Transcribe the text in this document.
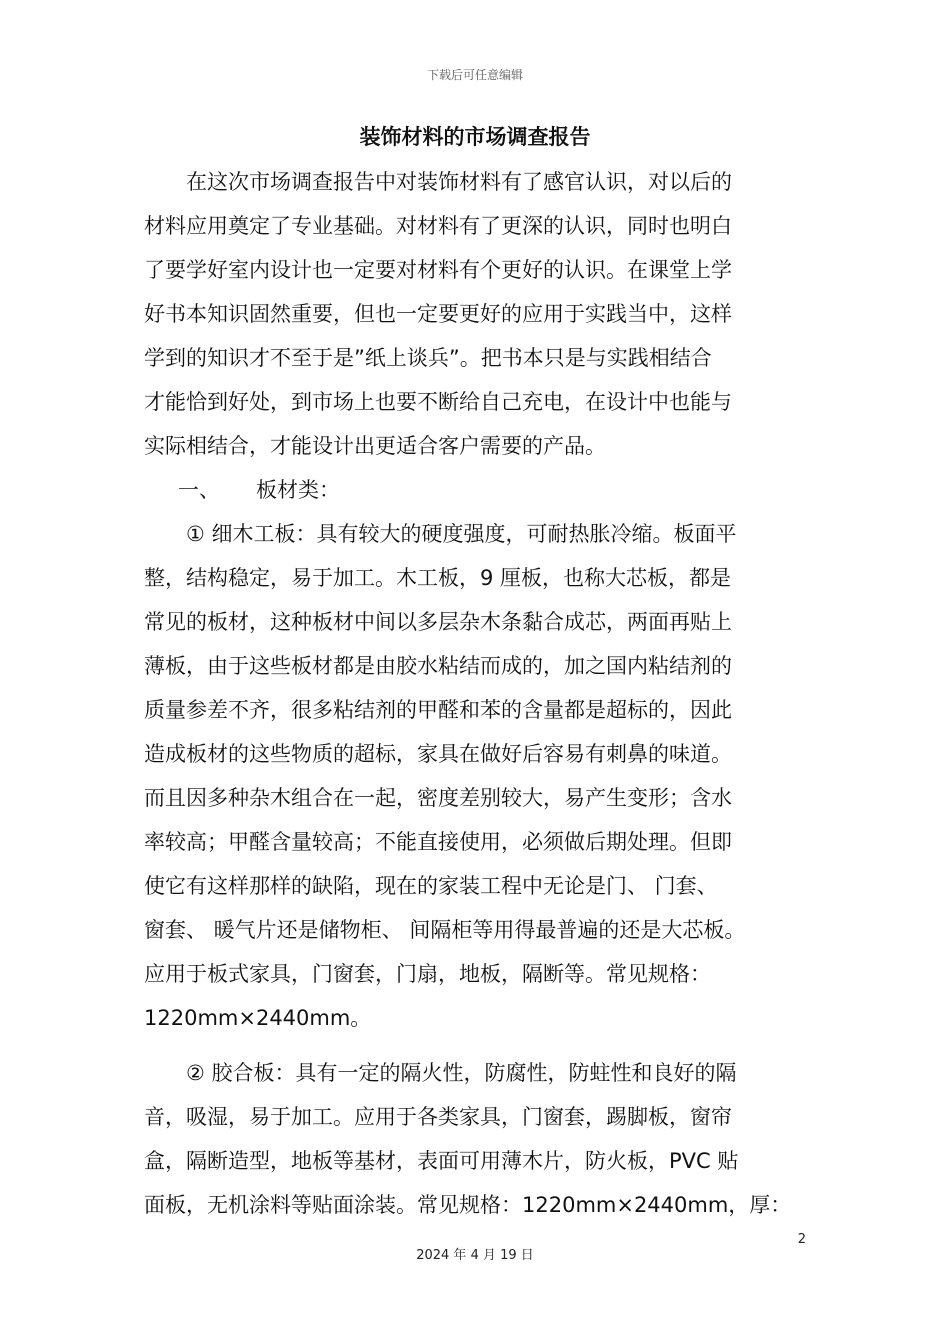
下载后可任意编辑
装饰材料的市场调查报告
　　在这次市场调查报告中对装饰材料有了感官认识，对以后的
材料应用奠定了专业基础。对材料有了更深的认识，同时也明白
了要学好室内设计也一定要对材料有个更好的认识。在课堂上学
好书本知识固然重要，但也一定要更好的应用于实践当中，这样
学到的知识才不至于是”纸上谈兵”。把书本只是与实践相结合
才能恰到好处，到市场上也要不断给自己充电，在设计中也能与
实际相结合，才能设计出更适合客户需要的产品。
一、 板材类：
　　① 细木工板：具有较大的硬度强度，可耐热胀冷缩。板面平
整，结构稳定，易于加工。木工板，9 厘板，也称大芯板，都是
常见的板材，这种板材中间以多层杂木条黏合成芯，两面再贴上
薄板，由于这些板材都是由胶水粘结而成的，加之国内粘结剂的
质量参差不齐，很多粘结剂的甲醛和苯的含量都是超标的，因此
造成板材的这些物质的超标，家具在做好后容易有刺鼻的味道。
而且因多种杂木组合在一起，密度差别较大，易产生变形；含水
率较高；甲醛含量较高；不能直接使用，必须做后期处理。但即
使它有这样那样的缺陷，现在的家装工程中无论是门、 门套、
窗套、 暖气片还是储物柜、 间隔柜等用得最普遍的还是大芯板。
应用于板式家具，门窗套，门扇，地板，隔断等。常见规格：
1220mm×2440mm。
　　② 胶合板：具有一定的隔火性，防腐性，防蛀性和良好的隔
音，吸湿，易于加工。应用于各类家具，门窗套，踢脚板，窗帘
盒，隔断造型，地板等基材，表面可用薄木片，防火板，PVC 贴
面板，无机涂料等贴面涂装。常见规格：1220mm×2440mm，厚：
2
2024 年 4 月 19 日
